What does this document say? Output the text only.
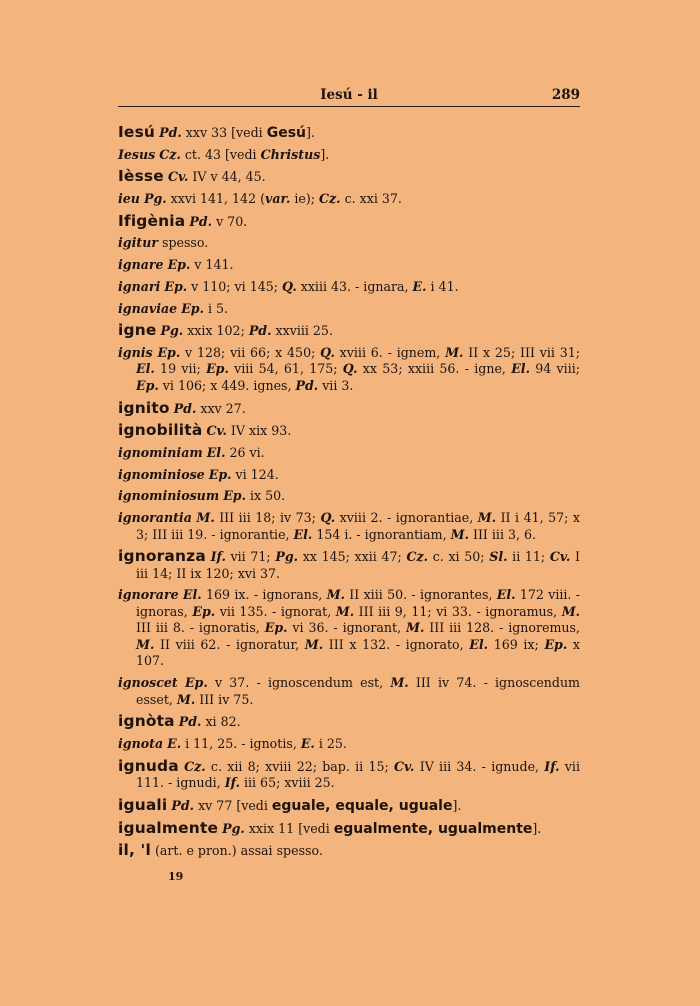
Iesú - il	289
Iesú Pd. xxv 33 [vedi Gesú].
Iesus Cz. ct. 43 [vedi Christus].
Ièsse Cv. IV v 44, 45.
ieu Pg. xxvi 141, 142 (var. ie); Cz. c. xxi 37.
Ifigènia Pd. v 70.
igitur spesso.
ignare Ep. v 141.
ignari Ep. v 110; vi 145; Q. xxiii 43. - ignara, E. i 41.
ignaviae Ep. i 5.
igne Pg. xxix 102; Pd. xxviii 25.
ignis Ep. v 128; vii 66; x 450; Q. xviii 6. - ignem, M. II x 25; III vii 31; El. 19 vii; Ep. viii 54, 61, 175; Q. xx 53; xxiii 56. - igne, El. 94 viii; Ep. vi 106; x 449. ignes, Pd. vii 3.
ignito Pd. xxv 27.
ignobilità Cv. IV xix 93.
ignominiam El. 26 vi.
ignominiose Ep. vi 124.
ignominiosum Ep. ix 50.
ignorantia M. III iii 18; iv 73; Q. xviii 2. - ignorantiae, M. II i 41, 57; x 3; III iii 19. - ignorantie, El. 154 i. - ignorantiam, M. III iii 3, 6.
ignoranza If. vii 71; Pg. xx 145; xxii 47; Cz. c. xi 50; Sl. ii 11; Cv. I iii 14; II ix 120; xvi 37.
ignorare El. 169 ix. - ignorans, M. II xiii 50. - ignorantes, El. 172 viii. - ignoras, Ep. vii 135. - ignorat, M. III iii 9, 11; vi 33. - ignoramus, M. III iii 8. - ignoratis, Ep. vi 36. - ignorant, M. III iii 128. - ignoremus, M. II viii 62. - ignoratur, M. III x 132. - ignorato, El. 169 ix; Ep. x 107.
ignoscet Ep. v 37. - ignoscendum est, M. III iv 74. - ignoscendum esset, M. III iv 75.
ignòta Pd. xi 82.
ignota E. i 11, 25. - ignotis, E. i 25.
ignuda Cz. c. xii 8; xviii 22; bap. ii 15; Cv. IV iii 34. - ignude, If. vii 111. - ignudi, If. iii 65; xviii 25.
iguali Pd. xv 77 [vedi eguale, equale, uguale].
igualmente Pg. xxix 11 [vedi egualmente, ugualmente].
il, 'l (art. e pron.) assai spesso.
19
